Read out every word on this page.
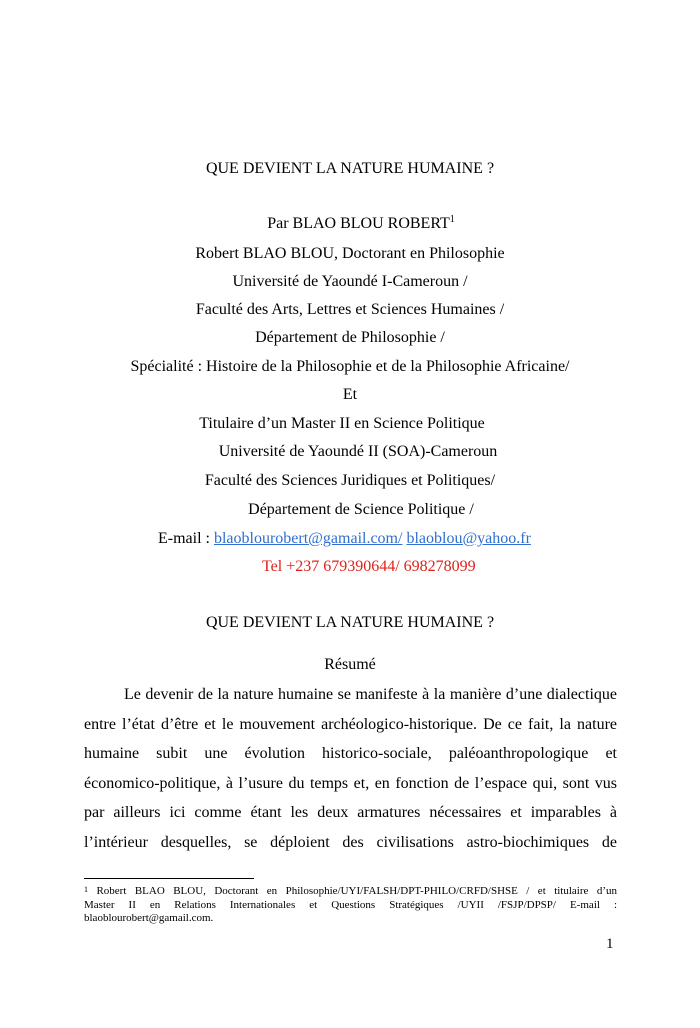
QUE DEVIENT LA NATURE HUMAINE ?
Par BLAO BLOU ROBERT$^1$
Robert BLAO BLOU, Doctorant en Philosophie
Université de Yaoundé I-Cameroun /
Faculté des Arts, Lettres et Sciences Humaines /
Département de Philosophie /
Spécialité : Histoire de la Philosophie et de la Philosophie Africaine/
Et
Titulaire d’un Master II en Science Politique
Université de Yaoundé II (SOA)-Cameroun
Faculté des Sciences Juridiques et Politiques/
Département de Science Politique /
E-mail : blaoblourobert@gamail.com/ blaoblou@yahoo.fr
Tel +237 679390644/ 698278099
QUE DEVIENT LA NATURE HUMAINE ?
Résumé
Le devenir de la nature humaine se manifeste à la manière d’une dialectique
entre l’état d’être et le mouvement archéologico-historique. De ce fait, la nature
humaine subit une évolution historico-sociale, paléoanthropologique et
économico-politique, à l’usure du temps et, en fonction de l’espace qui, sont vus
par ailleurs ici comme étant les deux armatures nécessaires et imparables à
l’intérieur desquelles, se déploient des civilisations astro-biochimiques de
$^1$ Robert BLAO BLOU, Doctorant en Philosophie/UYI/FALSH/DPT-PHILO/CRFD/SHSE / et titulaire d’un
Master II en Relations Internationales et Questions Stratégiques /UYII /FSJP/DPSP/ E-mail :
blaoblourobert@gamail.com.
1
